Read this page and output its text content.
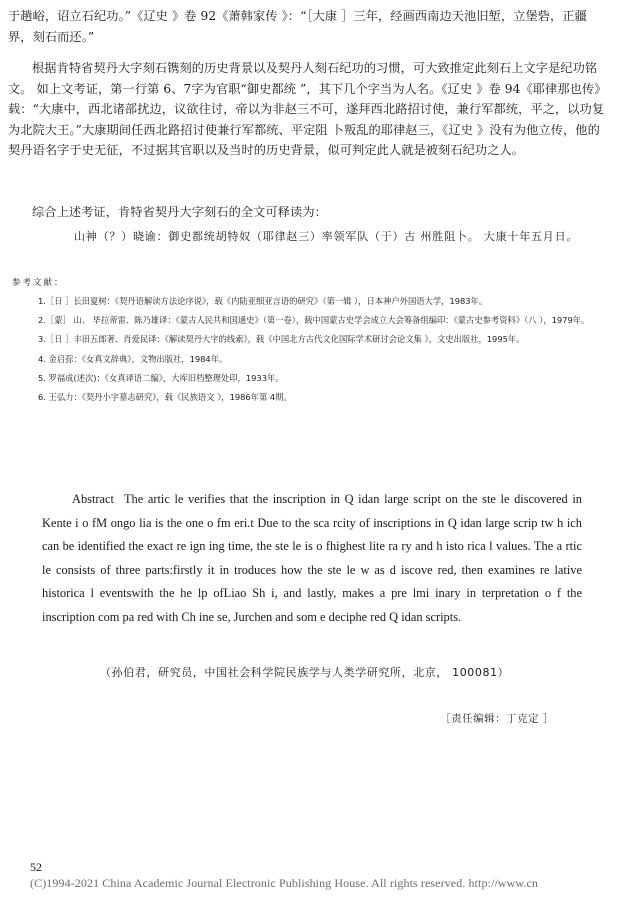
于趟峪，诏立石纪功。”《辽史 》卷 92《萧韩家传 》：“［大康 ］三年，经画西南边天池旧堑，立堡砦，正疆界，刻石而还。”

根据肯特省契丹大字刻石镌刻的历史背景以及契丹人刻石纪功的习惯，可大致推定此刻石上文字是纪功铭文。 如上文考证，第一行第 6、7字为官职“御史都统 ”，其下几个字当为人名。《辽史 》卷 94《耶律那也传》载：“大康中，西北诸部扰边，议欲往讨，帝以为非赵三不可，遂拜西北路招讨使，兼行军都统，平之，以功复为北院大王。”大康期间任西北路招讨使兼行军都统、平定阻 卜叛乱的耶律赵三，《辽史 》没有为他立传，他的契丹语名字于史无征，不过据其官职以及当时的历史背景，似可判定此人就是被刻石纪功之人。

综合上述考证，肯特省契丹大字刻石的全文可释读为：

山神（？）晓谕：御史都统胡特奴（耶律赵三）率领军队（于）古 州胜阻卜。 大康十年五月日。

参考文献：

1.［日 ］长田夏树：《契丹语解读方法论序说》，载《内陆亚细亚言语的研究》（第一辑 ），日本神户外国语大学，1983年。
2.［蒙］ 山、 毕拉蒂雷、陈乃雄译：《蒙古人民共和国通史》（第一卷），载中国蒙古史学会成立大会筹备组编印：《蒙古史参考资料》（八 ），1979年。
3.［日 ］丰田五郎著、肖爱民译：《解读契丹大字的线索》，载《中国北方古代文化国际学术研讨会论文集 》，文史出版社，1995年。
4. 金启孮：《女真文辞典》，文物出版社，1984年。
5. 罗福成(述次)：《女真译语二编》，大库旧档整理处印，1933年。
6. 王弘力：《契丹小字墓志研究》，载《民族语文 》，1986年第 4期。

Abstract The artic le verifies that the inscription in Q idan large script on the ste le discovered in Kente i o fM ongo lia is the one o fm eri.t Due to the sca rcity of inscriptions in Q idan large scrip tw h ich can be identified the exact re ign ing time, the ste le is o fhighest lite ra ry and h isto rica l values. The a rtic le consists of three parts:firstly it in troduces how the ste le w as d iscove red, then examines re lative historica l eventswith the he lp ofLiao Sh i, and lastly, makes a pre lmi inary in terpretation o f the inscription com pa red with Ch ine se, Jurchen and som e deciphe red Q idan scripts.

（孙伯君，研究员，中国社会科学院民族学与人类学研究所，北京， 100081）

［责任编辑：丁克定 ］

52

(C)1994-2021 China Academic Journal Electronic Publishing House. All rights reserved. http://www.cn
